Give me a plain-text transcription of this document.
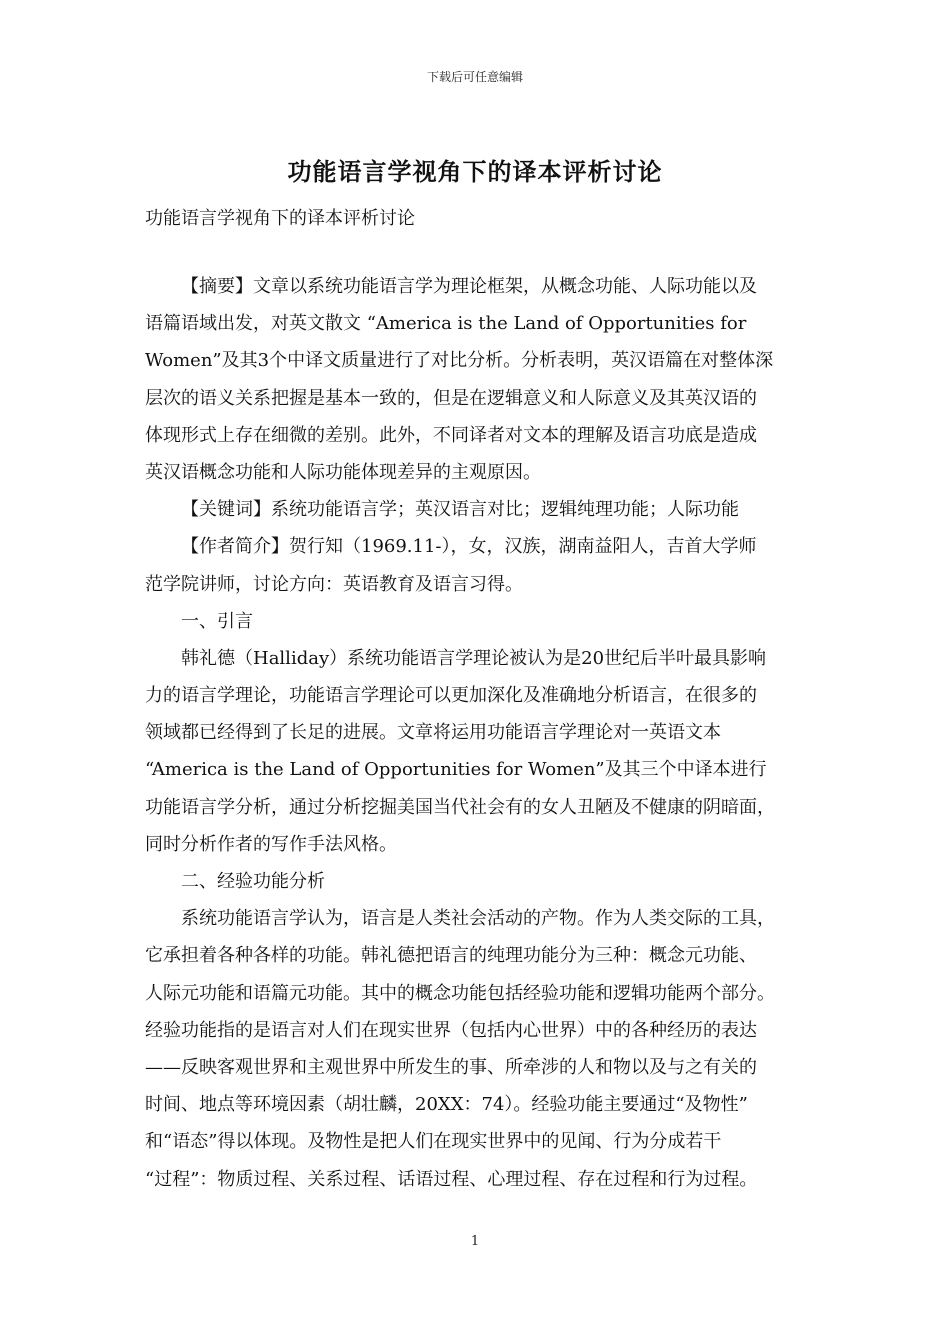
下载后可任意编辑
功能语言学视角下的译本评析讨论
功能语言学视角下的译本评析讨论
【摘要】文章以系统功能语言学为理论框架，从概念功能、人际功能以及
语篇语域出发，对英文散文 “America is the Land of Opportunities for
Women”及其3个中译文质量进行了对比分析。分析表明，英汉语篇在对整体深
层次的语义关系把握是基本一致的，但是在逻辑意义和人际意义及其英汉语的
体现形式上存在细微的差别。此外，不同译者对文本的理解及语言功底是造成
英汉语概念功能和人际功能体现差异的主观原因。
【关键词】系统功能语言学；英汉语言对比；逻辑纯理功能；人际功能
【作者简介】贺行知（1969.11-），女，汉族，湖南益阳人，吉首大学师
范学院讲师，讨论方向：英语教育及语言习得。
一、引言
韩礼德（Halliday）系统功能语言学理论被认为是20世纪后半叶最具影响
力的语言学理论，功能语言学理论可以更加深化及准确地分析语言，在很多的
领域都已经得到了长足的进展。文章将运用功能语言学理论对一英语文本
“America is the Land of Opportunities for Women”及其三个中译本进行
功能语言学分析，通过分析挖掘美国当代社会有的女人丑陋及不健康的阴暗面，
同时分析作者的写作手法风格。
二、经验功能分析
系统功能语言学认为，语言是人类社会活动的产物。作为人类交际的工具，
它承担着各种各样的功能。韩礼德把语言的纯理功能分为三种：概念元功能、
人际元功能和语篇元功能。其中的概念功能包括经验功能和逻辑功能两个部分。
经验功能指的是语言对人们在现实世界（包括内心世界）中的各种经历的表达
——反映客观世界和主观世界中所发生的事、所牵涉的人和物以及与之有关的
时间、地点等环境因素（胡壮麟，20XX：74）。经验功能主要通过“及物性”
和“语态”得以体现。及物性是把人们在现实世界中的见闻、行为分成若干
“过程”：物质过程、关系过程、话语过程、心理过程、存在过程和行为过程。
1
